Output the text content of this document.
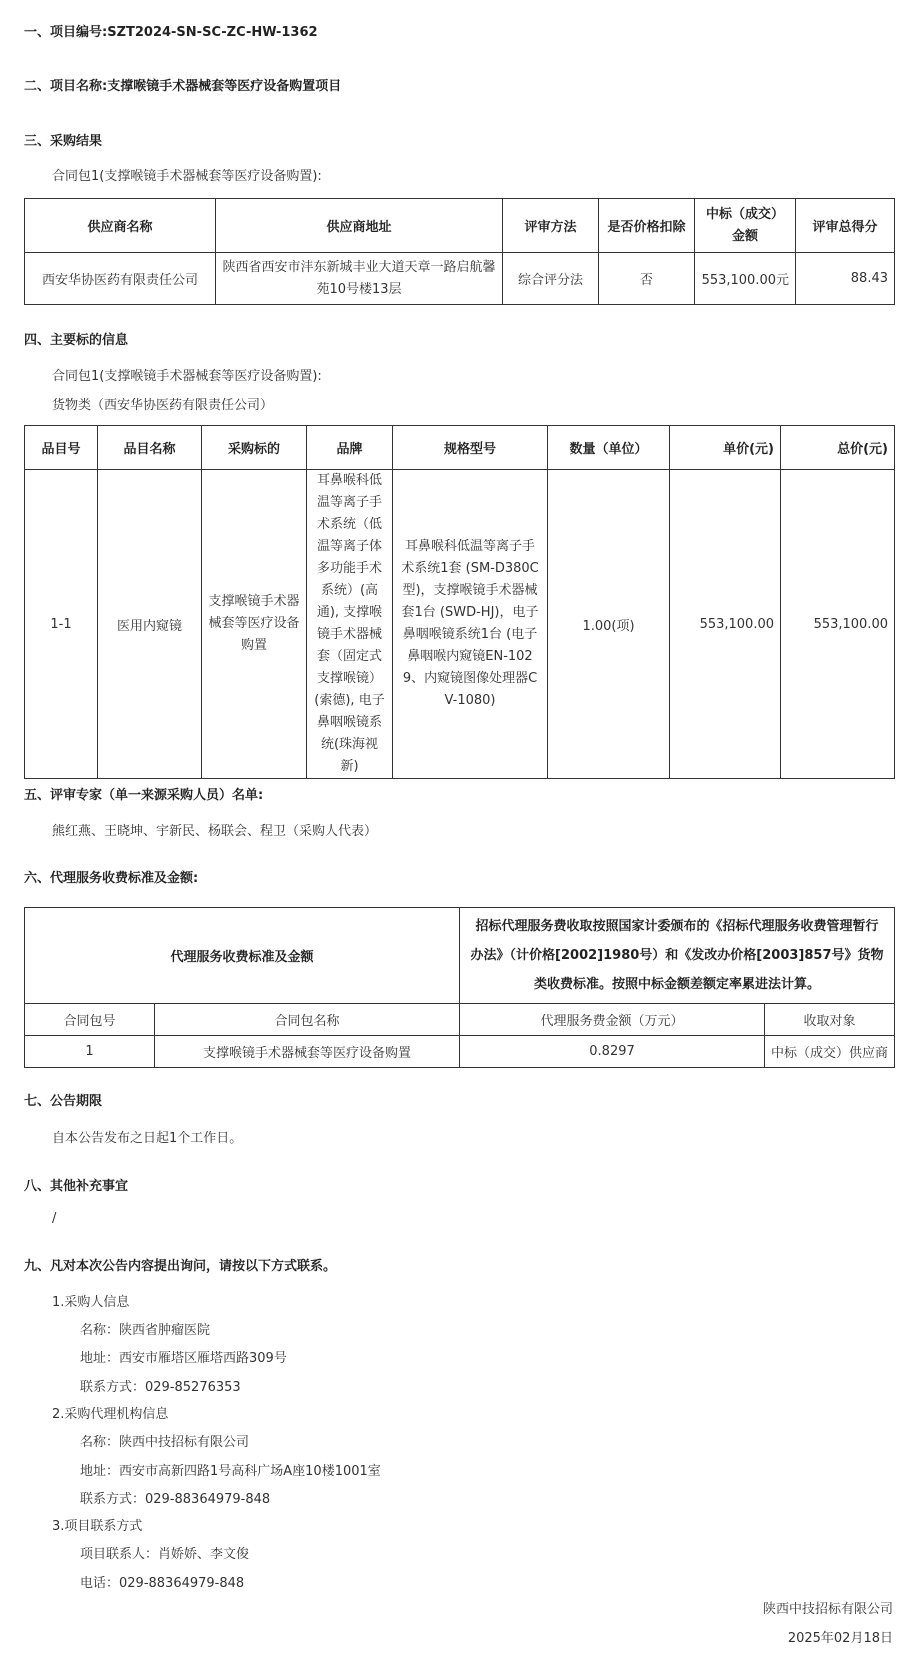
一、项目编号:SZT2024-SN-SC-ZC-HW-1362
二、项目名称:支撑喉镜手术器械套等医疗设备购置项目
三、采购结果
合同包1(支撑喉镜手术器械套等医疗设备购置):
供应商名称	供应商地址	评审方法	是否价格扣除	中标（成交）金额	评审总得分
西安华协医药有限责任公司	陕西省西安市沣东新城丰业大道天章一路启航馨苑10号楼13层	综合评分法	否	553,100.00元	88.43
四、主要标的信息
合同包1(支撑喉镜手术器械套等医疗设备购置):
货物类（西安华协医药有限责任公司）
品目号	品目名称	采购标的	品牌	规格型号	数量（单位）	单价(元)	总价(元)
1-1	医用内窥镜	支撑喉镜手术器械套等医疗设备购置	耳鼻喉科低温等离子手术系统（低温等离子体多功能手术系统）(高通), 支撑喉镜手术器械套（固定式支撑喉镜）(索德), 电子鼻咽喉镜系统(珠海视新)	耳鼻喉科低温等离子手术系统1套 (SM-D380C型)，支撑喉镜手术器械套1台 (SWD-HJ)，电子鼻咽喉镜系统1台 (电子鼻咽喉内窥镜EN-1029、内窥镜图像处理器CV-1080)	1.00(项)	553,100.00	553,100.00
五、评审专家（单一来源采购人员）名单:
熊红燕、王晓坤、宇新民、杨联会、程卫（采购人代表）
六、代理服务收费标准及金额:
代理服务收费标准及金额		招标代理服务费收取按照国家计委颁布的《招标代理服务收费管理暂行办法》（计价格[2002]1980号）和《发改办价格[2003]857号》货物类收费标准。按照中标金额差额定率累进法计算。	
合同包号	合同包名称	代理服务费金额（万元）	收取对象
1	支撑喉镜手术器械套等医疗设备购置	0.8297	中标（成交）供应商
七、公告期限
自本公告发布之日起1个工作日。
八、其他补充事宜
/
九、凡对本次公告内容提出询问，请按以下方式联系。
1.采购人信息
名称：陕西省肿瘤医院
地址：西安市雁塔区雁塔西路309号
联系方式：029-85276353
2.采购代理机构信息
名称：陕西中技招标有限公司
地址：西安市高新四路1号高科广场A座10楼1001室
联系方式：029-88364979-848
3.项目联系方式
项目联系人：肖娇娇、李文俊
电话：029-88364979-848
陕西中技招标有限公司
2025年02月18日
